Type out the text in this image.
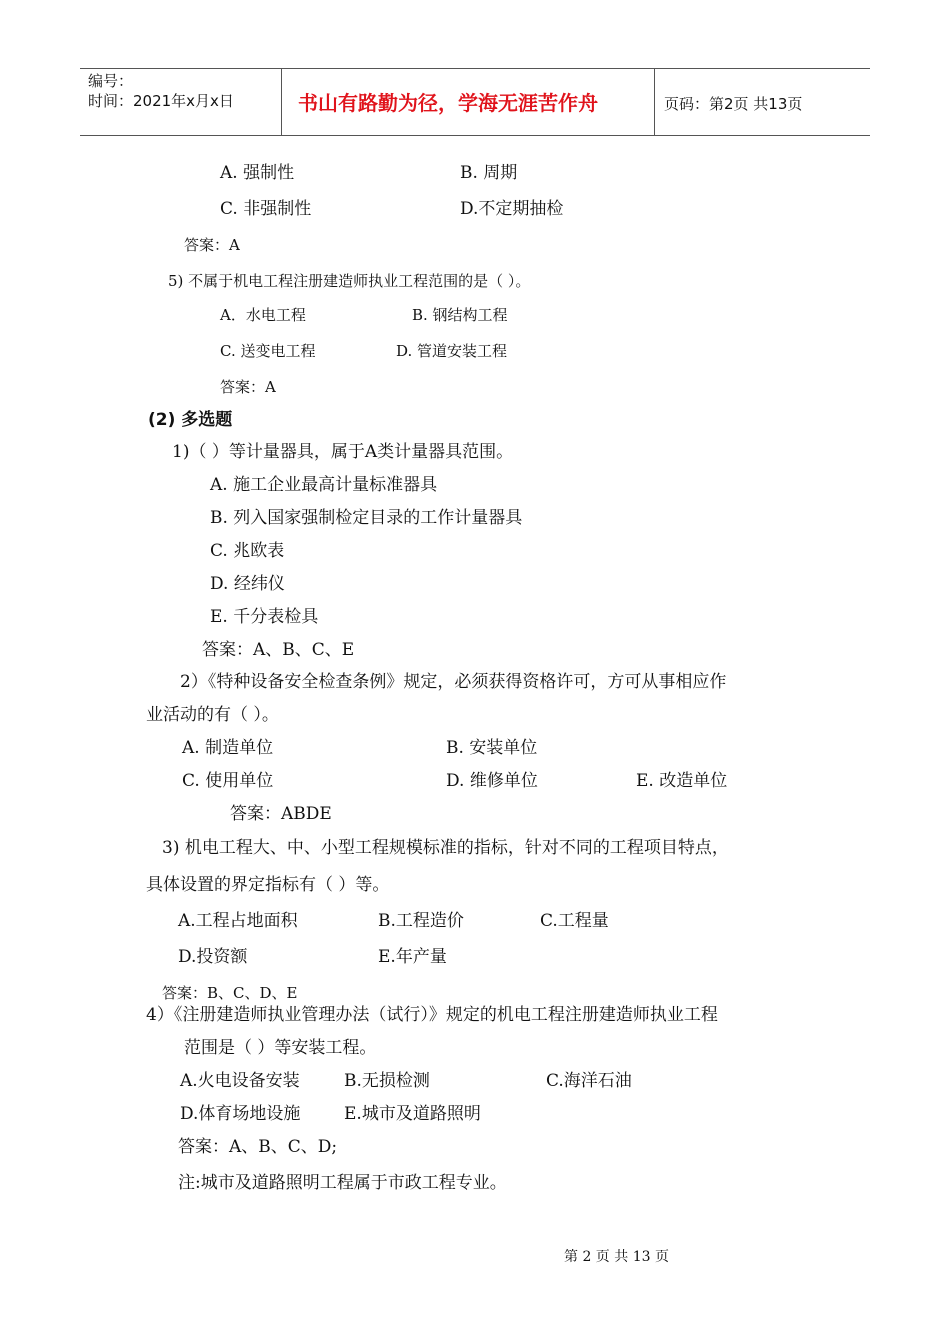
编号：
时间：2021年x月x日	书山有路勤为径，学海无涯苦作舟	页码：第2页 共13页
A. 强制性	B. 周期
C. 非强制性	D.不定期抽检
答案：A
5) 不属于机电工程注册建造师执业工程范围的是（ ）。
A．水电工程	B. 钢结构工程
C. 送变电工程	D. 管道安装工程
答案：A
(2) 多选题
1)（ ）等计量器具，属于A类计量器具范围。
A. 施工企业最高计量标准器具
B. 列入国家强制检定目录的工作计量器具
C. 兆欧表
D. 经纬仪
E. 千分表检具
答案：A、B、C、E
2）《特种设备安全检查条例》规定，必须获得资格许可，方可从事相应作
业活动的有（ ）。
A. 制造单位	B. 安装单位
C. 使用单位	D. 维修单位	E. 改造单位
答案：ABDE
3) 机电工程大、中、小型工程规模标准的指标，针对不同的工程项目特点，
具体设置的界定指标有（ ）等。
A.工程占地面积	B.工程造价	C.工程量
D.投资额	E.年产量
答案：B、C、D、E
4）《注册建造师执业管理办法（试行）》规定的机电工程注册建造师执业工程
范围是（ ）等安装工程。
A.火电设备安装	B.无损检测	C.海洋石油
D.体育场地设施	E.城市及道路照明
答案：A、B、C、D;
注:城市及道路照明工程属于市政工程专业。
第 2 页 共 13 页
